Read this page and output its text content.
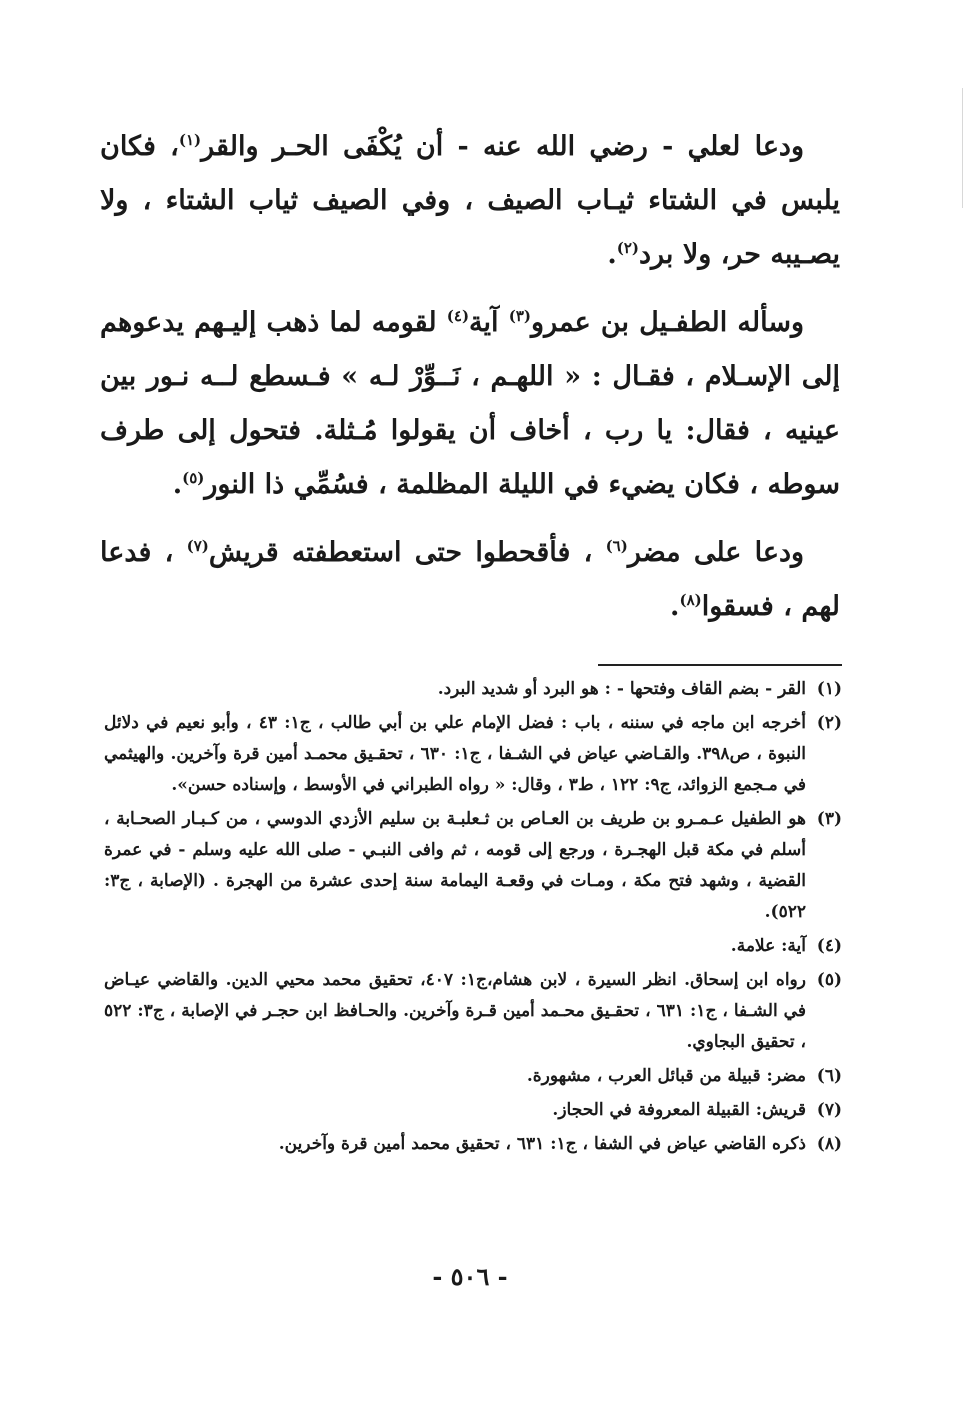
ودعا لعلي - رضي الله عنه - أن يُكْفَى الحـر والقر$^{(١)}$، فكان يلبس في الشتاء ثيـاب الصيف ، وفي الصيف ثياب الشتاء ، ولا يصـيبه حر، ولا برد$^{(٢)}$.

وسأله الطفـيل بن عمرو$^{(٣)}$ آية$^{(٤)}$ لقومه لما ذهب إليـهم يدعوهم إلى الإسـلام ، فقـال : « اللهـم ، نَــوِّرْ لـه » فـسطع لــه نـور بين عينيه ، فقال: يا رب ، أخاف أن يقولوا مُـثلة. فتحول إلى طرف سوطه ، فكان يضيء في الليلة المظلمة ، فسُمِّي ذا النور$^{(٥)}$.

ودعا على مضر$^{(٦)}$ ، فأقحطوا حتى استعطفته قريش$^{(٧)}$ ، فدعا لهم ، فسقوا$^{(٨)}$.

(١)
القر - بضم القاف وفتحها - : هو البرد أو شديد البرد.
(٢)
أخرجه ابن ماجه في سننه ، باب : فضل الإمام علي بن أبي طالب ، ج١: ٤٣ ، وأبو نعيم في دلائل النبوة ، ص٣٩٨. والقـاضي عياض في الشـفا ، ج١: ٦٣٠ ، تحقـيق محمـد أمين قرة وآخرين. والهيثمي في مـجمع الزوائد، ج٩: ١٢٢ ، ط٣ ، وقال: « رواه الطبراني في الأوسط ، وإسناده حسن».
(٣)
هو الطفيل عـمـرو بن طريف بن العـاص بن ثـعلبـة بن سليم الأزدي الدوسي ، من كـبـار الصحـابة ، أسلم في مكة قبل الهجـرة ، ورجع إلى قومه ، ثم وافى النبـي - صلى الله عليه وسلم - في عمرة القضية ، وشهد فتح مكة ، ومـات في وقعـة اليمامة سنة إحدى عشرة من الهجرة . (الإصابة ، ج٣: ٥٢٢).
(٤)
آية: علامة.
(٥)
رواه ابن إسحاق. انظر السيرة ، لابن هشام،ج١: ٤٠٧، تحقيق محمد محيي الدين. والقاضي عيـاض في الشـفا ، ج١: ٦٣١ ، تحقـيق محـمد أمين قـرة وآخرين. والحـافظ ابن حجـر في الإصابة ، ج٣: ٥٢٢ ، تحقيق البجاوي.
(٦)
مضر: قبيلة من قبائل العرب ، مشهورة.
(٧)
قريش: القبيلة المعروفة في الحجاز.
(٨)
ذكره القاضي عياض في الشفا ، ج١: ٦٣١ ، تحقيق محمد أمين قرة وآخرين.
- ٥٠٦ -
